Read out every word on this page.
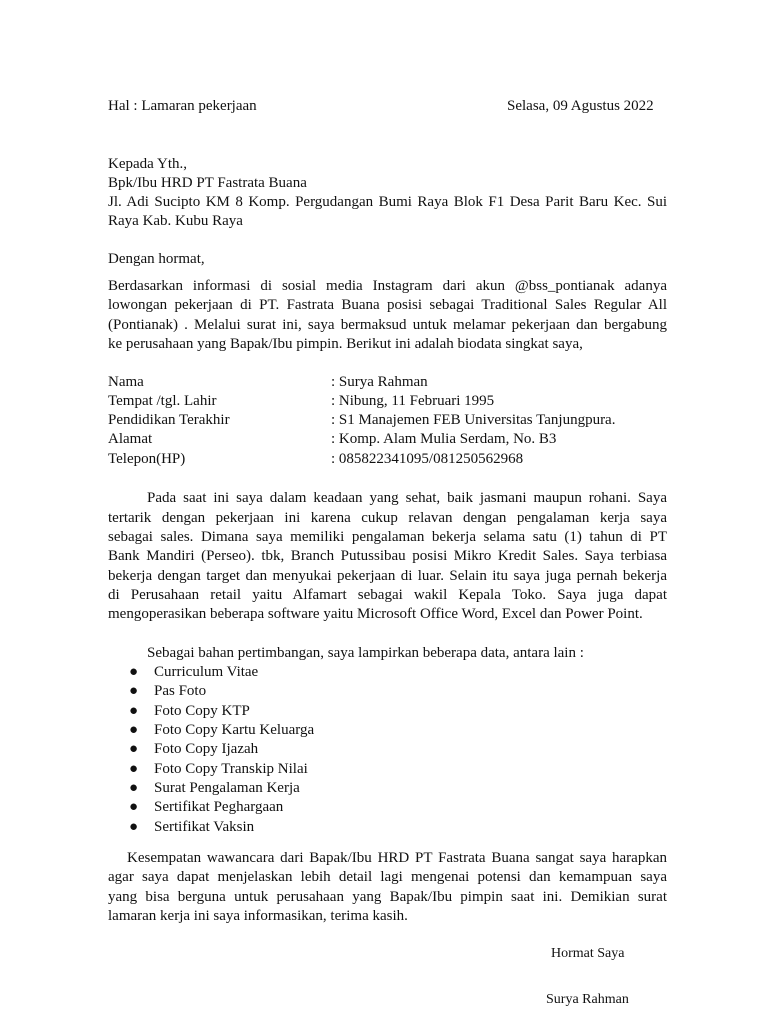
Hal : Lamaran pekerjaan	Selasa, 09 Agustus 2022
Kepada Yth.,
Bpk/Ibu HRD PT Fastrata Buana
Jl. Adi Sucipto KM 8 Komp. Pergudangan Bumi Raya Blok F1 Desa Parit Baru Kec. Sui
Raya Kab. Kubu Raya
Dengan hormat,
Berdasarkan informasi di sosial media Instagram dari akun @bss_pontianak adanya
lowongan pekerjaan di PT. Fastrata Buana posisi sebagai Traditional Sales Regular All
(Pontianak) . Melalui surat ini, saya bermaksud untuk melamar pekerjaan dan bergabung
ke perusahaan yang Bapak/Ibu pimpin. Berikut ini adalah biodata singkat saya,
Nama	: Surya Rahman
Tempat /tgl. Lahir	: Nibung, 11 Februari 1995
Pendidikan Terakhir	: S1 Manajemen FEB Universitas Tanjungpura.
Alamat	: Komp. Alam Mulia Serdam, No. B3
Telepon(HP)	: 085822341095/081250562968
Pada saat ini saya dalam keadaan yang sehat, baik jasmani maupun rohani. Saya
tertarik dengan pekerjaan ini karena cukup relavan dengan pengalaman kerja saya
sebagai sales. Dimana saya memiliki pengalaman bekerja selama satu (1) tahun di PT
Bank Mandiri (Perseo). tbk, Branch Putussibau posisi Mikro Kredit Sales. Saya terbiasa
bekerja dengan target dan menyukai pekerjaan di luar. Selain itu saya juga pernah bekerja
di Perusahaan retail yaitu Alfamart sebagai wakil Kepala Toko. Saya juga dapat
mengoperasikan beberapa software yaitu Microsoft Office Word, Excel dan Power Point.
Sebagai bahan pertimbangan, saya lampirkan beberapa data, antara lain :
● Curriculum Vitae
● Pas Foto
● Foto Copy KTP
● Foto Copy Kartu Keluarga
● Foto Copy Ijazah
● Foto Copy Transkip Nilai
● Surat Pengalaman Kerja
● Sertifikat Peghargaan
● Sertifikat Vaksin
Kesempatan wawancara dari Bapak/Ibu HRD PT Fastrata Buana sangat saya harapkan
agar saya dapat menjelaskan lebih detail lagi mengenai potensi dan kemampuan saya
yang bisa berguna untuk perusahaan yang Bapak/Ibu pimpin saat ini. Demikian surat
lamaran kerja ini saya informasikan, terima kasih.
Hormat Saya
Surya Rahman
